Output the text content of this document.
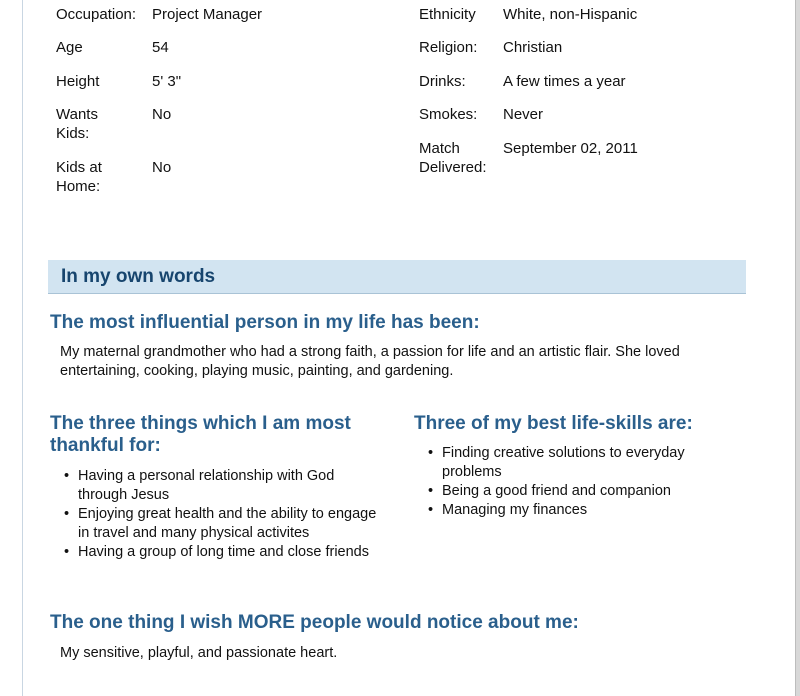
Occupation:	Project Manager
Age	54
Height	5' 3"
Wants Kids:
No
Kids at Home:
No
Ethnicity	White, non-Hispanic
Religion:	Christian
Drinks:	A few times a year
Smokes:	Never
Match Delivered:
September 02, 2011
In my own words
The most influential person in my life has been:
My maternal grandmother who had a strong faith, a passion for life and an artistic flair. She loved entertaining, cooking, playing music, painting, and gardening.
The three things which I am most thankful for:
• Having a personal relationship with God through Jesus
• Enjoying great health and the ability to engage in travel and many physical activites
• Having a group of long time and close friends
Three of my best life-skills are:
• Finding creative solutions to everyday problems
• Being a good friend and companion
• Managing my finances
The one thing I wish MORE people would notice about me:
My sensitive, playful, and passionate heart.
